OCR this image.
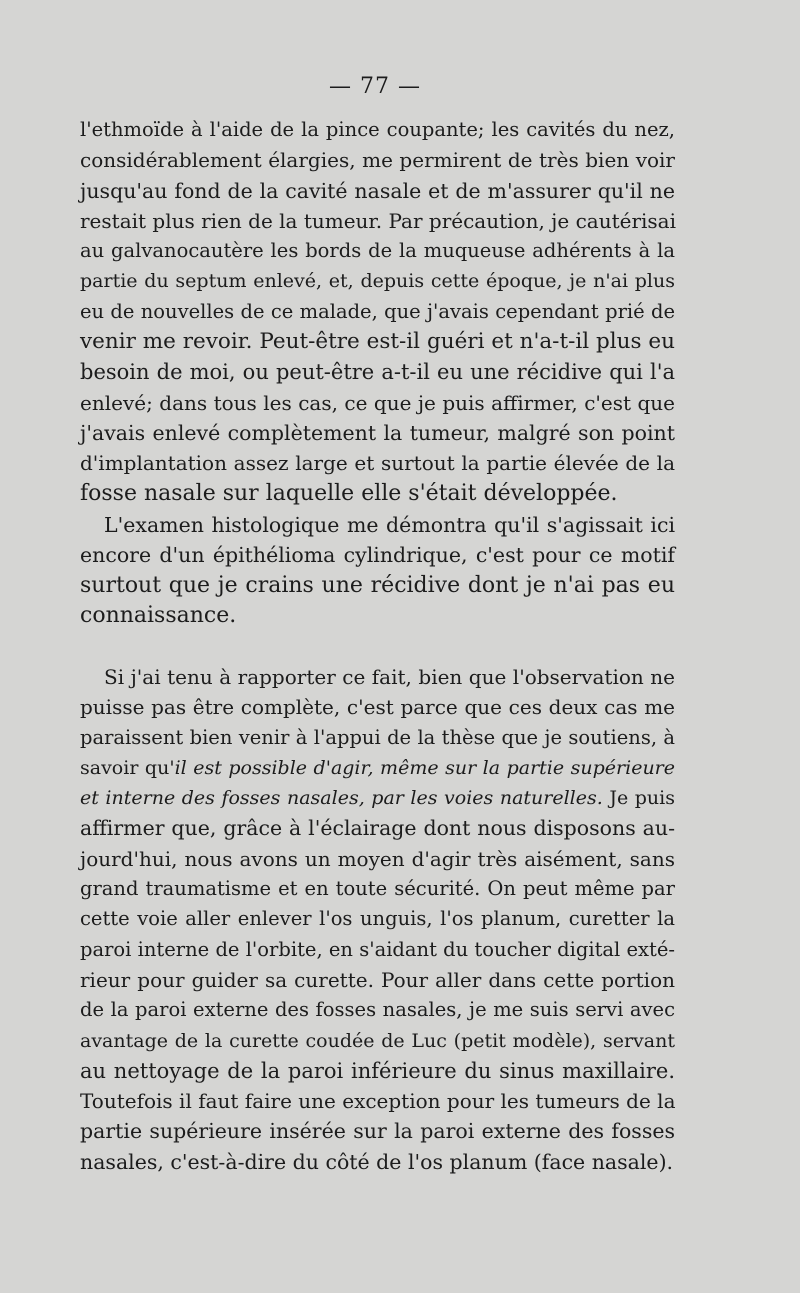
— 77 —

l'ethmoïde à l'aide de la pince coupante; les cavités du nez,
considérablement élargies, me permirent de très bien voir
jusqu'au fond de la cavité nasale et de m'assurer qu'il ne
restait plus rien de la tumeur. Par précaution, je cautérisai
au galvanocautère les bords de la muqueuse adhérents à la
partie du septum enlevé, et, depuis cette époque, je n'ai plus
eu de nouvelles de ce malade, que j'avais cependant prié de
venir me revoir. Peut-être est-il guéri et n'a-t-il plus eu
besoin de moi, ou peut-être a-t-il eu une récidive qui l'a
enlevé; dans tous les cas, ce que je puis affirmer, c'est que
j'avais enlevé complètement la tumeur, malgré son point
d'implantation assez large et surtout la partie élevée de la
fosse nasale sur laquelle elle s'était développée.

L'examen histologique me démontra qu'il s'agissait ici
encore d'un épithélioma cylindrique, c'est pour ce motif
surtout que je crains une récidive dont je n'ai pas eu
connaissance.

Si j'ai tenu à rapporter ce fait, bien que l'observation ne
puisse pas être complète, c'est parce que ces deux cas me
paraissent bien venir à l'appui de la thèse que je soutiens, à
savoir qu'il est possible d'agir, même sur la partie supérieure
et interne des fosses nasales, par les voies naturelles. Je puis
affirmer que, grâce à l'éclairage dont nous disposons au-
jourd'hui, nous avons un moyen d'agir très aisément, sans
grand traumatisme et en toute sécurité. On peut même par
cette voie aller enlever l'os unguis, l'os planum, curetter la
paroi interne de l'orbite, en s'aidant du toucher digital exté-
rieur pour guider sa curette. Pour aller dans cette portion
de la paroi externe des fosses nasales, je me suis servi avec
avantage de la curette coudée de Luc (petit modèle), servant
au nettoyage de la paroi inférieure du sinus maxillaire.
Toutefois il faut faire une exception pour les tumeurs de la
partie supérieure insérée sur la paroi externe des fosses
nasales, c'est-à-dire du côté de l'os planum (face nasale).
